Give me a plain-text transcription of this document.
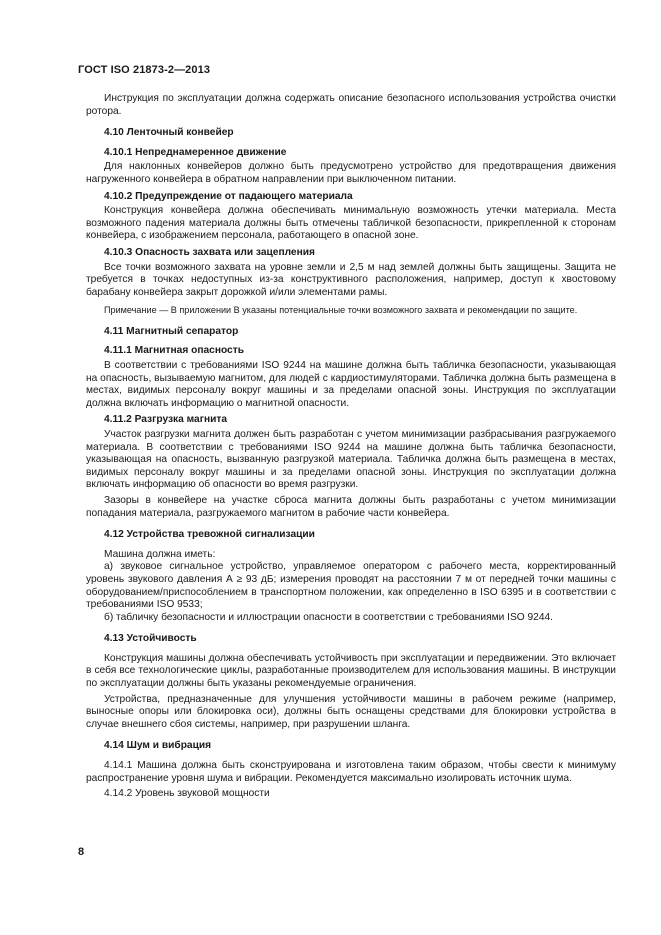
ГОСТ ISO 21873-2—2013

Инструкция по эксплуатации должна содержать описание безопасного использования устройства очистки ротора.

4.10 Ленточный конвейер

4.10.1 Непреднамеренное движение

Для наклонных конвейеров должно быть предусмотрено устройство для предотвращения движения нагруженного конвейера в обратном направлении при выключенном питании.

4.10.2 Предупреждение от падающего материала

Конструкция конвейера должна обеспечивать минимальную возможность утечки материала. Места возможного падения материала должны быть отмечены табличкой безопасности, прикрепленной к сторонам конвейера, с изображением персонала, работающего в опасной зоне.

4.10.3 Опасность захвата или зацепления

Все точки возможного захвата на уровне земли и 2,5 м над землей должны быть защищены. Защита не требуется в точках недоступных из-за конструктивного расположения, например, доступ к хвостовому барабану конвейера закрыт дорожкой и/или элементами рамы.

Примечание — В приложении В указаны потенциальные точки возможного захвата и рекомендации по защите.

4.11 Магнитный сепаратор

4.11.1 Магнитная опасность

В соответствии с требованиями ISO 9244 на машине должна быть табличка безопасности, указывающая на опасность, вызываемую магнитом, для людей с кардиостимуляторами. Табличка должна быть размещена в местах, видимых персоналу вокруг машины и за пределами опасной зоны. Инструкция по эксплуатации должна включать информацию о магнитной опасности.

4.11.2 Разгрузка магнита

Участок разгрузки магнита должен быть разработан с учетом минимизации разбрасывания разгружаемого материала. В соответствии с требованиями ISO 9244 на машине должна быть табличка безопасности, указывающая на опасность, вызванную разгрузкой материала. Табличка должна быть размещена в местах, видимых персоналу вокруг машины и за пределами опасной зоны. Инструкция по эксплуатации должна включать информацию об опасности во время разгрузки.

Зазоры в конвейере на участке сброса магнита должны быть разработаны с учетом минимизации попадания материала, разгружаемого магнитом в рабочие части конвейера.

4.12 Устройства тревожной сигнализации

Машина должна иметь:

а) звуковое сигнальное устройство, управляемое оператором с рабочего места, корректированный уровень звукового давления А ≥ 93 дБ; измерения проводят на расстоянии 7 м от передней точки машины с оборудованием/приспособлением в транспортном положении, как определенно в ISO 6395 и в соответствии с требованиями ISO 9533;

б) табличку безопасности и иллюстрации опасности в соответствии с требованиями ISO 9244.

4.13 Устойчивость

Конструкция машины должна обеспечивать устойчивость при эксплуатации и передвижении. Это включает в себя все технологические циклы, разработанные производителем для использования машины. В инструкции по эксплуатации должны быть указаны рекомендуемые ограничения.

Устройства, предназначенные для улучшения устойчивости машины в рабочем режиме (например, выносные опоры или блокировка оси), должны быть оснащены средствами для блокировки устройства в случае внешнего сбоя системы, например, при разрушении шланга.

4.14 Шум и вибрация

4.14.1 Машина должна быть сконструирована и изготовлена таким образом, чтобы свести к минимуму распространение уровня шума и вибрации. Рекомендуется максимально изолировать источник шума.

4.14.2 Уровень звуковой мощности

8
